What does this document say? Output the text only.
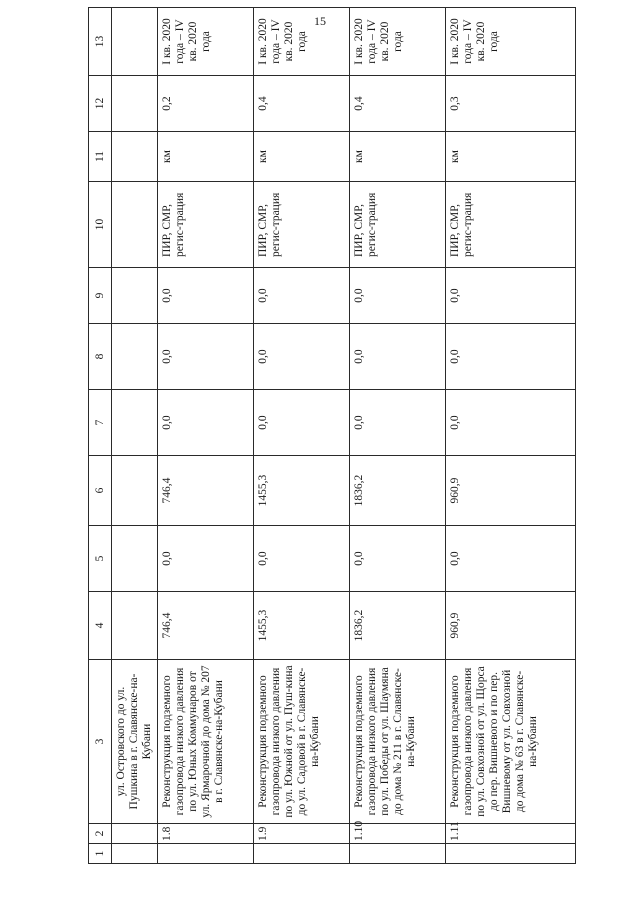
15
1	2	3	4	5	6	7	8	9	10	11	12	13
		ул. Островского до ул. Пушкина в г. Славянске-на-Кубани										
	1.8	Реконструкция подземного газопровода низкого давления по ул. Юных Коммунаров от ул. Ярмарочной до дома № 207 в г. Славянске-на-Кубани	746,4	0,0	746,4	0,0	0,0	0,0	ПИР, СМР, регис-трация	км	0,2	I кв. 2020 года – IV кв. 2020 года
	1.9	Реконструкция подземного газопровода низкого давления по ул. Южной от ул. Пуш-кина до ул. Садовой в г. Славянске-на-Кубани	1455,3	0,0	1455,3	0,0	0,0	0,0	ПИР, СМР, регис-трация	км	0,4	I кв. 2020 года – IV кв. 2020 года
	1.10	Реконструкция подземного газопровода низкого давления по ул. Победы от ул. Шаумяна до дома № 211 в г. Славянске-на-Кубани	1836,2	0,0	1836,2	0,0	0,0	0,0	ПИР, СМР, регис-трация	км	0,4	I кв. 2020 года – IV кв. 2020 года
	1.11	Реконструкция подземного газопровода низкого давления по ул. Совхозной от ул. Щорса до пер. Вишневого и по пер. Вишневому от ул. Совхозной до дома № 63 в г. Славянске-на-Кубани	960,9	0,0	960,9	0,0	0,0	0,0	ПИР, СМР, регис-трация	км	0,3	I кв. 2020 года – IV кв. 2020 года
